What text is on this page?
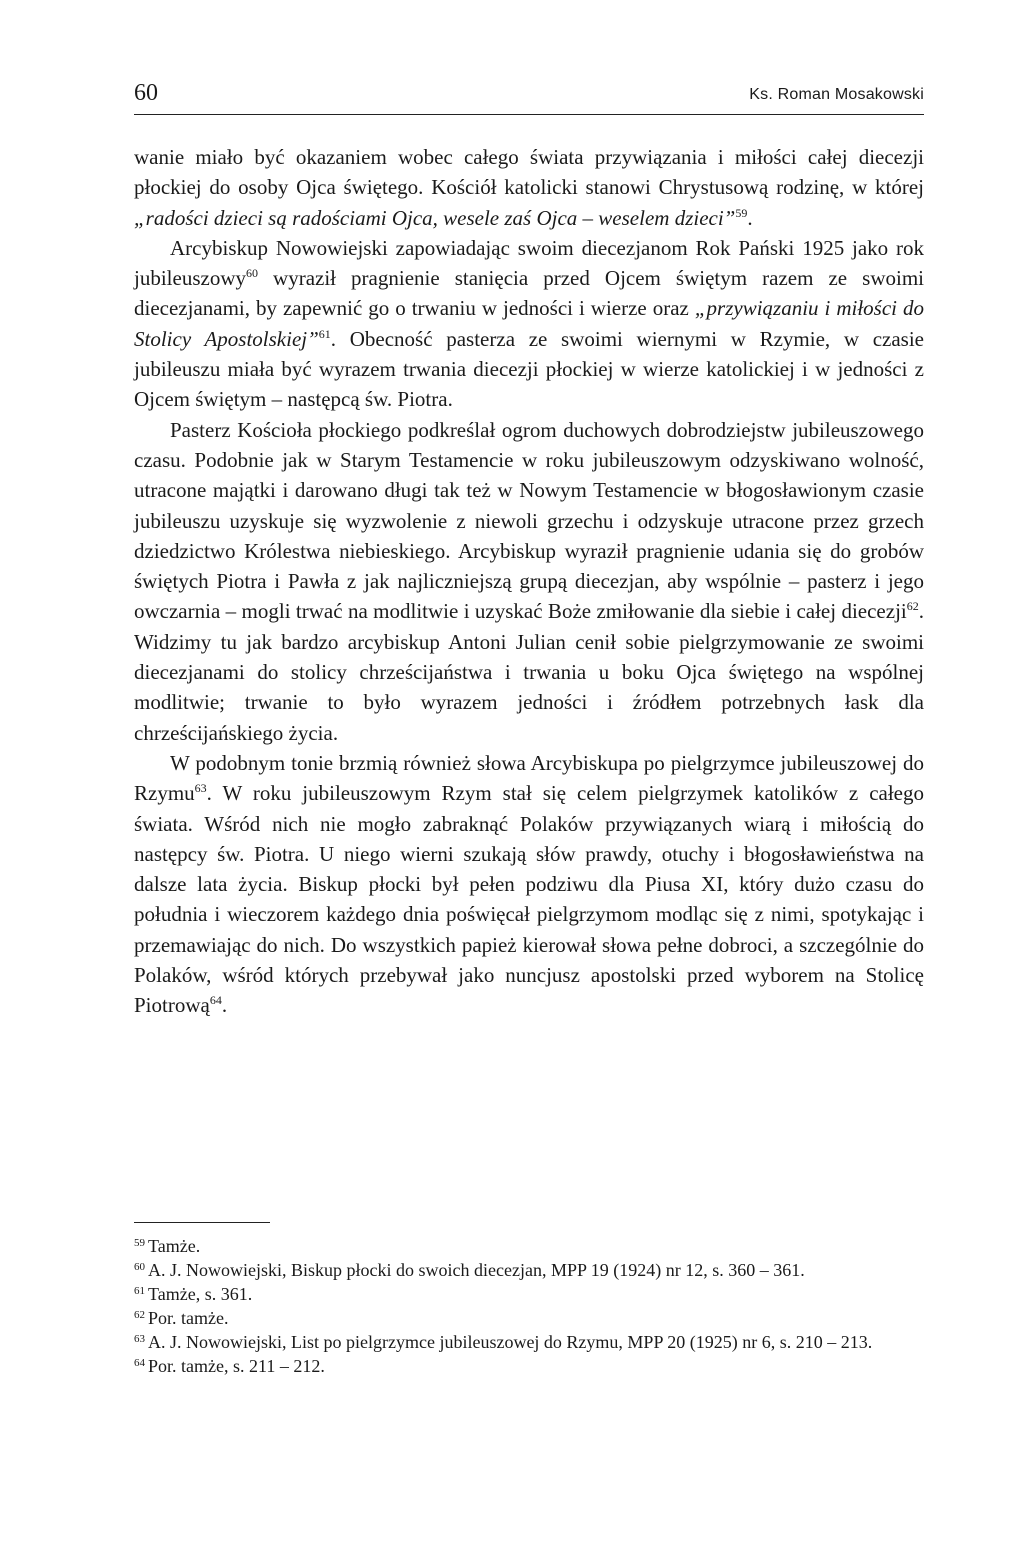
60	Ks. Roman Mosakowski

wanie miało być okazaniem wobec całego świata przywiązania i miłości całej diecezji płockiej do osoby Ojca świętego. Kościół katolicki stanowi Chrystusową rodzinę, w której „radości dzieci są radościami Ojca, wesele zaś Ojca – weselem dzieci”$^{59}$.

Arcybiskup Nowowiejski zapowiadając swoim diecezjanom Rok Pański 1925 jako rok jubileuszowy$^{60}$ wyraził pragnienie stanięcia przed Ojcem świętym razem ze swoimi diecezjanami, by zapewnić go o trwaniu w jedności i wierze oraz „przywiązaniu i miłości do Stolicy Apostolskiej”$^{61}$. Obecność pasterza ze swoimi wiernymi w Rzymie, w czasie jubileuszu miała być wyrazem trwania diecezji płockiej w wierze katolickiej i w jedności z Ojcem świętym – następcą św. Piotra.

Pasterz Kościoła płockiego podkreślał ogrom duchowych dobrodziejstw jubileuszowego czasu. Podobnie jak w Starym Testamencie w roku jubileuszowym odzyskiwano wolność, utracone majątki i darowano długi tak też w Nowym Testamencie w błogosławionym czasie jubileuszu uzyskuje się wyzwolenie z niewoli grzechu i odzyskuje utracone przez grzech dziedzictwo Królestwa niebieskiego. Arcybiskup wyraził pragnienie udania się do grobów świętych Piotra i Pawła z jak najliczniejszą grupą diecezjan, aby wspólnie – pasterz i jego owczarnia – mogli trwać na modlitwie i uzyskać Boże zmiłowanie dla siebie i całej diecezji$^{62}$. Widzimy tu jak bardzo arcybiskup Antoni Julian cenił sobie pielgrzymowanie ze swoimi diecezjanami do stolicy chrześcijaństwa i trwania u boku Ojca świętego na wspólnej modlitwie; trwanie to było wyrazem jedności i źródłem potrzebnych łask dla chrześcijańskiego życia.

W podobnym tonie brzmią również słowa Arcybiskupa po pielgrzymce jubileuszowej do Rzymu$^{63}$. W roku jubileuszowym Rzym stał się celem pielgrzymek katolików z całego świata. Wśród nich nie mogło zabraknąć Polaków przywiązanych wiarą i miłością do następcy św. Piotra. U niego wierni szukają słów prawdy, otuchy i błogosławieństwa na dalsze lata życia. Biskup płocki był pełen podziwu dla Piusa XI, który dużo czasu do południa i wieczorem każdego dnia poświęcał pielgrzymom modląc się z nimi, spotykając i przemawiając do nich. Do wszystkich papież kierował słowa pełne dobroci, a szczególnie do Polaków, wśród których przebywał jako nuncjusz apostolski przed wyborem na Stolicę Piotrową$^{64}$.

$^{59}$ Tamże.

$^{60}$ A. J. Nowowiejski, Biskup płocki do swoich diecezjan, MPP 19 (1924) nr 12, s. 360 – 361.

$^{61}$ Tamże, s. 361.

$^{62}$ Por. tamże.

$^{63}$ A. J. Nowowiejski, List po pielgrzymce jubileuszowej do Rzymu, MPP 20 (1925) nr 6, s. 210 – 213.

$^{64}$ Por. tamże, s. 211 – 212.
